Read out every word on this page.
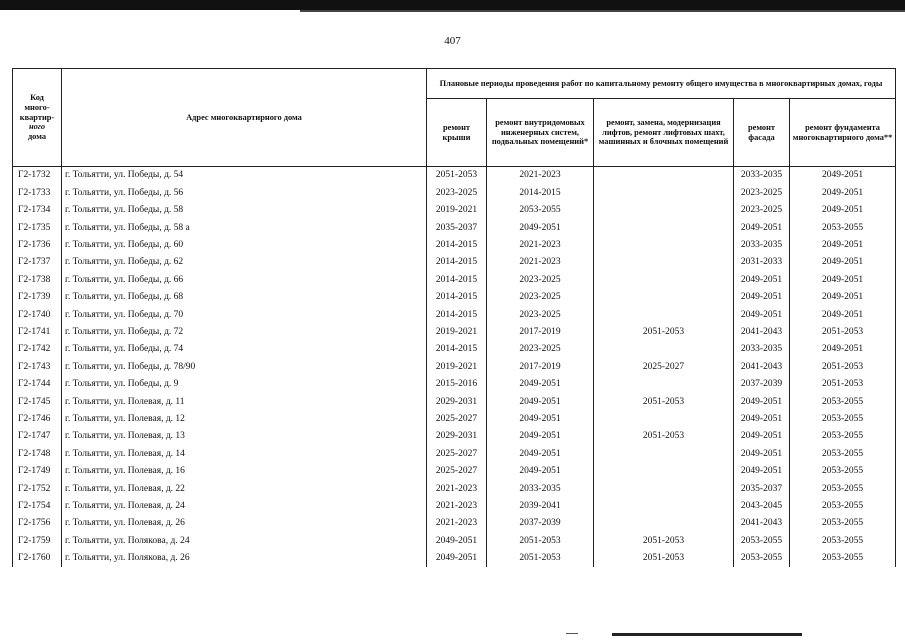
407
Код
много-
квартир-
ного
дома	Адрес многоквартирного дома	Плановые периоды проведения работ по капитальному ремонту общего имущества в многоквартирных домах, годы				
		ремонт крыши	ремонт внутридомовых инженерных систем, подвальных помещений*	ремонт, замена, модернизация лифтов, ремонт лифтовых шахт, машинных и блочных помещений	ремонт фасада	ремонт фундамента многоквартирного дома**
Г2-1732	г. Тольятти, ул. Победы, д. 54	2051-2053	2021-2023		2033-2035	2049-2051
Г2-1733	г. Тольятти, ул. Победы, д. 56	2023-2025	2014-2015		2023-2025	2049-2051
Г2-1734	г. Тольятти, ул. Победы, д. 58	2019-2021	2053-2055		2023-2025	2049-2051
Г2-1735	г. Тольятти, ул. Победы, д. 58 а	2035-2037	2049-2051		2049-2051	2053-2055
Г2-1736	г. Тольятти, ул. Победы, д. 60	2014-2015	2021-2023		2033-2035	2049-2051
Г2-1737	г. Тольятти, ул. Победы, д. 62	2014-2015	2021-2023		2031-2033	2049-2051
Г2-1738	г. Тольятти, ул. Победы, д. 66	2014-2015	2023-2025		2049-2051	2049-2051
Г2-1739	г. Тольятти, ул. Победы, д. 68	2014-2015	2023-2025		2049-2051	2049-2051
Г2-1740	г. Тольятти, ул. Победы, д. 70	2014-2015	2023-2025		2049-2051	2049-2051
Г2-1741	г. Тольятти, ул. Победы, д. 72	2019-2021	2017-2019	2051-2053	2041-2043	2051-2053
Г2-1742	г. Тольятти, ул. Победы, д. 74	2014-2015	2023-2025		2033-2035	2049-2051
Г2-1743	г. Тольятти, ул. Победы, д. 78/90	2019-2021	2017-2019	2025-2027	2041-2043	2051-2053
Г2-1744	г. Тольятти, ул. Победы, д. 9	2015-2016	2049-2051		2037-2039	2051-2053
Г2-1745	г. Тольятти, ул. Полевая, д. 11	2029-2031	2049-2051	2051-2053	2049-2051	2053-2055
Г2-1746	г. Тольятти, ул. Полевая, д. 12	2025-2027	2049-2051		2049-2051	2053-2055
Г2-1747	г. Тольятти, ул. Полевая, д. 13	2029-2031	2049-2051	2051-2053	2049-2051	2053-2055
Г2-1748	г. Тольятти, ул. Полевая, д. 14	2025-2027	2049-2051		2049-2051	2053-2055
Г2-1749	г. Тольятти, ул. Полевая, д. 16	2025-2027	2049-2051		2049-2051	2053-2055
Г2-1752	г. Тольятти, ул. Полевая, д. 22	2021-2023	2033-2035		2035-2037	2053-2055
Г2-1754	г. Тольятти, ул. Полевая, д. 24	2021-2023	2039-2041		2043-2045	2053-2055
Г2-1756	г. Тольятти, ул. Полевая, д. 26	2021-2023	2037-2039		2041-2043	2053-2055
Г2-1759	г. Тольятти, ул. Полякова, д. 24	2049-2051	2051-2053	2051-2053	2053-2055	2053-2055
Г2-1760	г. Тольятти, ул. Полякова, д. 26	2049-2051	2051-2053	2051-2053	2053-2055	2053-2055
